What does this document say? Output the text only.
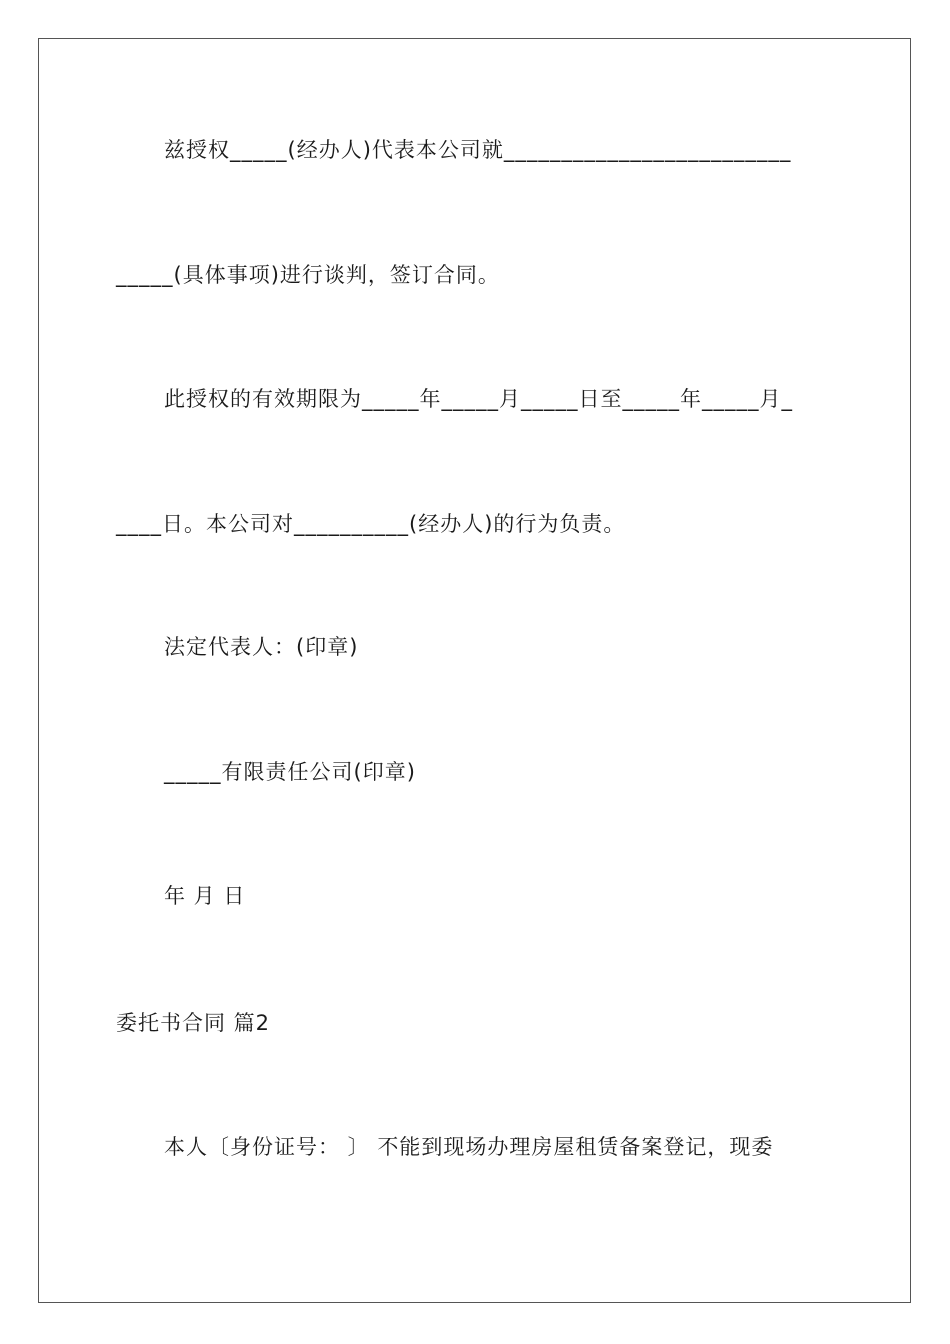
兹授权_____(经办人)代表本公司就_________________________
_____(具体事项)进行谈判，签订合同。
此授权的有效期限为_____年_____月_____日至_____年_____月_
____日。本公司对__________(经办人)的行为负责。
法定代表人：(印章)
_____有限责任公司(印章)
年 月 日
委托书合同 篇2
本人〔身份证号： 〕 不能到现场办理房屋租赁备案登记，现委
